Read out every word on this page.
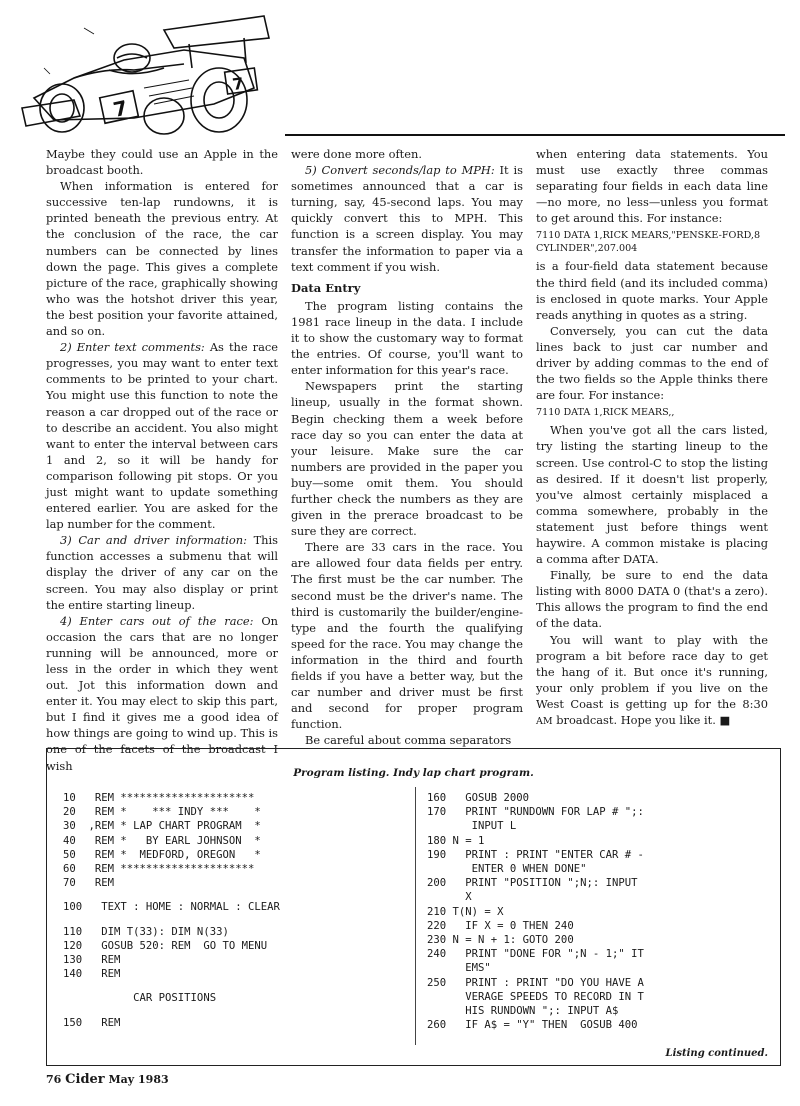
7
7

Maybe they could use an Apple in the broadcast booth.

When information is entered for successive ten-lap rundowns, it is printed beneath the previous entry. At the conclusion of the race, the car numbers can be connected by lines down the page. This gives a complete picture of the race, graphically showing who was the hotshot driver this year, the best position your favorite attained, and so on.

2) Enter text comments: As the race progresses, you may want to enter text comments to be printed to your chart. You might use this function to note the reason a car dropped out of the race or to describe an accident. You also might want to enter the interval between cars 1 and 2, so it will be handy for comparison following pit stops. Or you just might want to update something entered earlier. You are asked for the lap number for the comment.

3) Car and driver information: This function accesses a submenu that will display the driver of any car on the screen. You may also display or print the entire starting lineup.

4) Enter cars out of the race: On occasion the cars that are no longer running will be announced, more or less in the order in which they went out. Jot this information down and enter it. You may elect to skip this part, but I find it gives me a good idea of how things are going to wind up. This is one of the facets of the broadcast I wish

were done more often.

5) Convert seconds/lap to MPH: It is sometimes announced that a car is turning, say, 45-second laps. You may quickly convert this to MPH. This function is a screen display. You may transfer the information to paper via a text comment if you wish.

Data Entry

The program listing contains the 1981 race lineup in the data. I include it to show the customary way to format the entries. Of course, you'll want to enter information for this year's race.

Newspapers print the starting lineup, usually in the format shown. Begin checking them a week before race day so you can enter the data at your leisure. Make sure the car numbers are provided in the paper you buy—some omit them. You should further check the numbers as they are given in the prerace broadcast to be sure they are correct.

There are 33 cars in the race. You are allowed four data fields per entry. The first must be the car number. The second must be the driver's name. The third is customarily the builder/engine-type and the fourth the qualifying speed for the race. You may change the information in the third and fourth fields if you have a better way, but the car number and driver must be first and second for proper program function.

Be careful about comma separators

when entering data statements. You must use exactly three commas separating four fields in each data line—no more, no less—unless you format to get around this. For instance:

7110 DATA 1,RICK MEARS,"PENSKE-FORD,8 CYLINDER",207.004

is a four-field data statement because the third field (and its included comma) is enclosed in quote marks. Your Apple reads anything in quotes as a string.

Conversely, you can cut the data lines back to just car number and driver by adding commas to the end of the two fields so the Apple thinks there are four. For instance:

7110 DATA 1,RICK MEARS,,

When you've got all the cars listed, try listing the starting lineup to the screen. Use control-C to stop the listing as desired. If it doesn't list properly, you've almost certainly misplaced a comma somewhere, probably in the statement just before things went haywire. A common mistake is placing a comma after DATA.

Finally, be sure to end the data listing with 8000 DATA 0 (that's a zero). This allows the program to find the end of the data.

You will want to play with the program a bit before race day to get the hang of it. But once it's running, your only problem if you live on the West Coast is getting up for the 8:30 AM broadcast. Hope you like it. ■

Program listing. Indy lap chart program.
10   REM *********************
20   REM *    *** INDY ***    *
30  ,REM * LAP CHART PROGRAM  *
40   REM *   BY EARL JOHNSON  *
50   REM *  MEDFORD, OREGON   *
60   REM *********************
70   REM
100   TEXT : HOME : NORMAL : CLEAR
110   DIM T(33): DIM N(33)
120   GOSUB 520: REM  GO TO MENU
130   REM
140   REM
CAR POSITIONS
150   REM
160   GOSUB 2000
170   PRINT "RUNDOWN FOR LAP # ";:
INPUT L
180 N = 1
190   PRINT : PRINT "ENTER CAR # -
ENTER 0 WHEN DONE"
200   PRINT "POSITION ";N;: INPUT
X
210 T(N) = X
220   IF X = 0 THEN 240
230 N = N + 1: GOTO 200
240   PRINT "DONE FOR ";N - 1;" IT
EMS"
250   PRINT : PRINT "DO YOU HAVE A
VERAGE SPEEDS TO RECORD IN T
HIS RUNDOWN ";: INPUT A$
260   IF A$ = "Y" THEN  GOSUB 400
Listing continued.
76 Cider May 1983
